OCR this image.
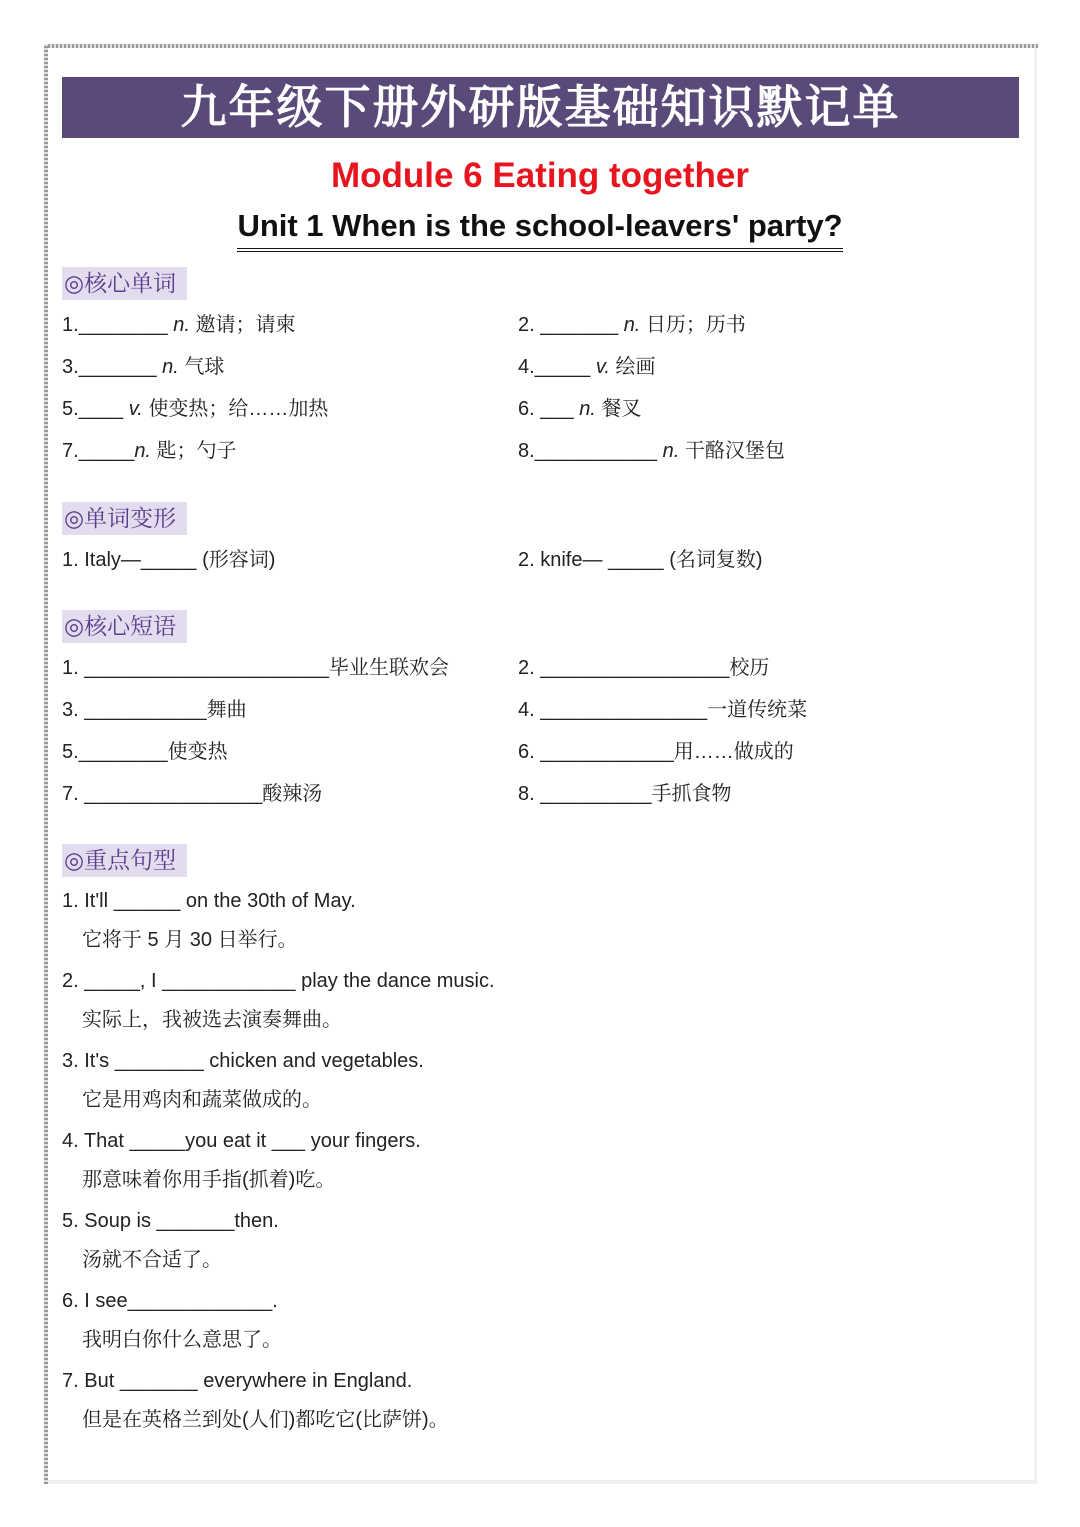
九年级下册外研版基础知识默记单
Module 6 Eating together
Unit 1 When is the school-leavers' party?
◎核心单词
1.________ n. 邀请；请柬	2. _______ n. 日历；历书
3._______ n. 气球	4._____ v. 绘画
5.____ v. 使变热；给……加热	6. ___ n. 餐叉
7._____n. 匙；勺子	8.___________ n. 干酪汉堡包
◎单词变形
1. Italy—_____ (形容词)	2. knife— _____ (名词复数)
◎核心短语
1. ______________________毕业生联欢会	2. _________________校历
3. ___________舞曲	4. _______________一道传统菜
5.________使变热	6. ____________用……做成的
7. ________________酸辣汤	8. __________手抓食物
◎重点句型
1. It'll ______ on the 30th of May.
它将于 5 月 30 日举行。
2. _____, I ____________ play the dance music.
实际上，我被选去演奏舞曲。
3. It's ________ chicken and vegetables.
它是用鸡肉和蔬菜做成的。
4. That _____you eat it ___ your fingers.
那意味着你用手指(抓着)吃。
5. Soup is _______then.
汤就不合适了。
6. I see_____________.
我明白你什么意思了。
7. But _______ everywhere in England.
但是在英格兰到处(人们)都吃它(比萨饼)。
